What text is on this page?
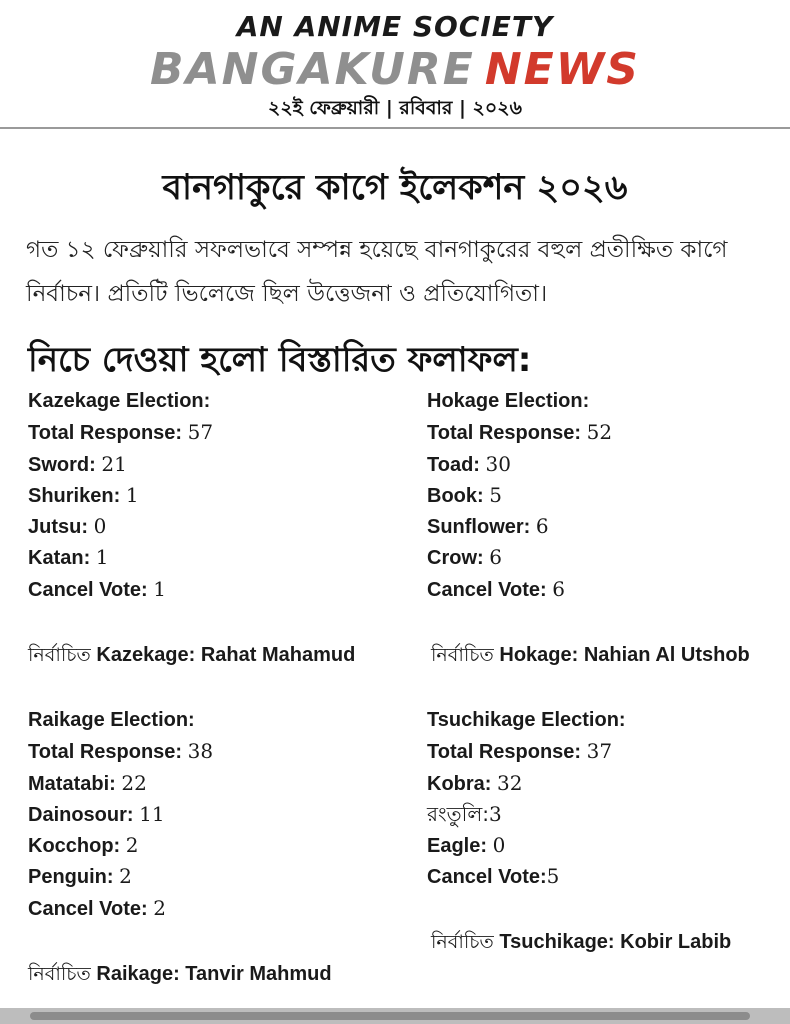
AN ANIME SOCIETY
BANGAKURE NEWS
২২ই ফেব্রুয়ারী | রবিবার | ২০২৬
বানগাকুরে কাগে ইলেকশন ২০২৬
গত ১২ ফেব্রুয়ারি সফলভাবে সম্পন্ন হয়েছে বানগাকুরের বহুল প্রতীক্ষিত কাগে নির্বাচন। প্রতিটি ভিলেজে ছিল উত্তেজনা ও প্রতিযোগিতা।
নিচে দেওয়া হলো বিস্তারিত ফলাফল:
Kazekage Election:
Total Response: 57
Sword: 21
Shuriken: 1
Jutsu: 0
Katan: 1
Cancel Vote: 1
নির্বাচিত Kazekage: Rahat Mahamud
Hokage Election:
Total Response: 52
Toad: 30
Book: 5
Sunflower: 6
Crow: 6
Cancel Vote: 6
নির্বাচিত Hokage: Nahian Al Utshob
Raikage Election:
Total Response: 38
Matatabi: 22
Dainosour: 11
Kocchop: 2
Penguin: 2
Cancel Vote: 2
নির্বাচিত Raikage: Tanvir Mahmud
Tsuchikage Election:
Total Response: 37
Kobra: 32
রংতুলি:3
Eagle: 0
Cancel Vote:5
নির্বাচিত Tsuchikage: Kobir Labib
